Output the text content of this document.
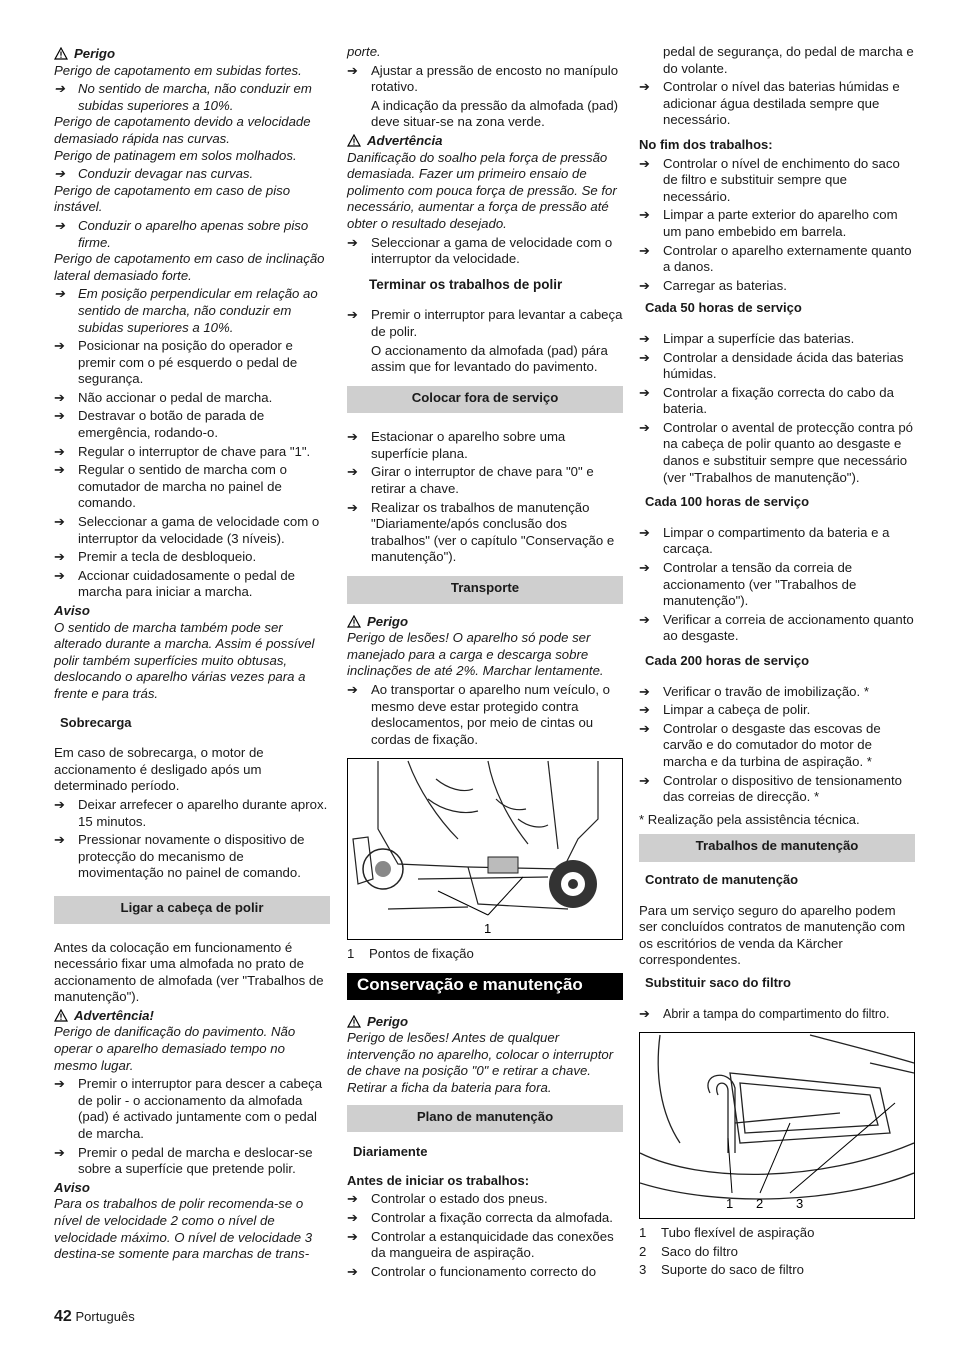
Perigo

Perigo de capotamento em subidas fortes.

➔ No sentido de marcha, não conduzir em subidas superiores a 10%.

Perigo de capotamento devido a velocidade demasiado rápida nas curvas.

Perigo de patinagem em solos molhados.

➔ Conduzir devagar nas curvas.

Perigo de capotamento em caso de piso instável.

➔ Conduzir o aparelho apenas sobre piso firme.

Perigo de capotamento em caso de inclinação lateral demasiado forte.

➔ Em posição perpendicular em relação ao sentido de marcha, não conduzir em subidas superiores a 10%.
➔ Posicionar na posição do operador e premir com o pé esquerdo o pedal de segurança.
➔ Não accionar o pedal de marcha.
➔ Destravar o botão de parada de emergência, rodando-o.
➔ Regular o interruptor de chave para "1".
➔ Regular o sentido de marcha com o comutador de marcha no painel de comando.
➔ Seleccionar a gama de velocidade com o interruptor da velocidade (3 níveis).
➔ Premir a tecla de desbloqueio.
➔ Accionar cuidadosamente o pedal de marcha para iniciar a marcha.

Aviso

O sentido de marcha também pode ser alterado durante a marcha. Assim é possível polir também superfícies muito obtusas, deslocando o aparelho várias vezes para a frente e para trás.

Sobrecarga

Em caso de sobrecarga, o motor de accionamento é desligado após um determinado período.

➔ Deixar arrefecer o aparelho durante aprox. 15 minutos.
➔ Pressionar novamente o dispositivo de protecção do mecanismo de movimentação no painel de comando.
Ligar a cabeça de polir

Antes da colocação em funcionamento é necessário fixar uma almofada no prato de accionamento de almofada (ver "Trabalhos de manutenção").

Advertência!

Perigo de danificação do pavimento. Não operar o aparelho demasiado tempo no mesmo lugar.

➔ Premir o interruptor para descer a cabeça de polir - o accionamento da almofada (pad) é activado juntamente com o pedal de marcha.
➔ Premir o pedal de marcha e deslocar-se sobre a superfície que pretende polir.

Aviso

Para os trabalhos de polir recomenda-se o nível de velocidade 2 como o nível de velocidade máximo. O nível de velocidade 3 destina-se somente para marchas de trans-

porte.

➔ Ajustar a pressão de encosto no manípulo rotativo.

A indicação da pressão da almofada (pad) deve situar-se na zona verde.

Advertência

Danificação do soalho pela força de pressão demasiada. Fazer um primeiro ensaio de polimento com pouca força de pressão. Se for necessário, aumentar a força de pressão até obter o resultado desejado.

➔ Seleccionar a gama de velocidade com o interruptor da velocidade.

Terminar os trabalhos de polir

➔ Premir o interruptor para levantar a cabeça de polir.

O accionamento da almofada (pad) pára assim que for levantado do pavimento.

Colocar fora de serviço
➔ Estacionar o aparelho sobre uma superfície plana.
➔ Girar o interruptor de chave para "0" e retirar a chave.
➔ Realizar os trabalhos de manutenção "Diariamente/após conclusão dos trabalhos" (ver o capítulo "Conservação e manutenção").
Transporte
Perigo

Perigo de lesões! O aparelho só pode ser manejado para a carga e descarga sobre inclinações de até 2%. Marchar lentamente.

➔ Ao transportar o aparelho num veículo, o mesmo deve estar protegido contra deslocamentos, por meio de cintas ou cordas de fixação.
1
1	Pontos de fixação
Conservação e manutenção
Perigo

Perigo de lesões! Antes de qualquer intervenção no aparelho, colocar o interruptor de chave na posição "0" e retirar a chave. Retirar a ficha da bateria para fora.

Plano de manutenção

Diariamente

Antes de iniciar os trabalhos:

➔ Controlar o estado dos pneus.
➔ Controlar a fixação correcta da almofada.
➔ Controlar a estanquicidade das conexões da mangueira de aspiração.
➔ Controlar o funcionamento correcto do

pedal de segurança, do pedal de marcha e do volante.

➔ Controlar o nível das baterias húmidas e adicionar água destilada sempre que necessário.

No fim dos trabalhos:

➔ Controlar o nível de enchimento do saco de filtro e substituir sempre que necessário.
➔ Limpar a parte exterior do aparelho com um pano embebido em barrela.
➔ Controlar o aparelho externamente quanto a danos.
➔ Carregar as baterias.

Cada 50 horas de serviço

➔ Limpar a superfície das baterias.
➔ Controlar a densidade ácida das baterias húmidas.
➔ Controlar a fixação correcta do cabo da bateria.
➔ Controlar o avental de protecção contra pó na cabeça de polir quanto ao desgaste e danos e substituir sempre que necessário (ver "Trabalhos de manutenção").

Cada 100 horas de serviço

➔ Limpar o compartimento da bateria e a carcaça.
➔ Controlar a tensão da correia de accionamento (ver "Trabalhos de manutenção").
➔ Verificar a correia de accionamento quanto ao desgaste.

Cada 200 horas de serviço

➔ Verificar o travão de imobilização. *
➔ Limpar a cabeça de polir.
➔ Controlar o desgaste das escovas de carvão e do comutador do motor de marcha e da turbina de aspiração. *
➔ Controlar o dispositivo de tensionamento das correias de direcção. *

* Realização pela assistência técnica.

Trabalhos de manutenção

Contrato de manutenção

Para um serviço seguro do aparelho podem ser concluídos contratos de manutenção com os escritórios de venda da Kärcher correspondentes.

Substituir saco do filtro

➔	Abrir a tampa do compartimento do filtro.
1 2	3
1	Tubo flexível de aspiração
2	Saco do filtro
3	Suporte do saco de filtro
42 Português
